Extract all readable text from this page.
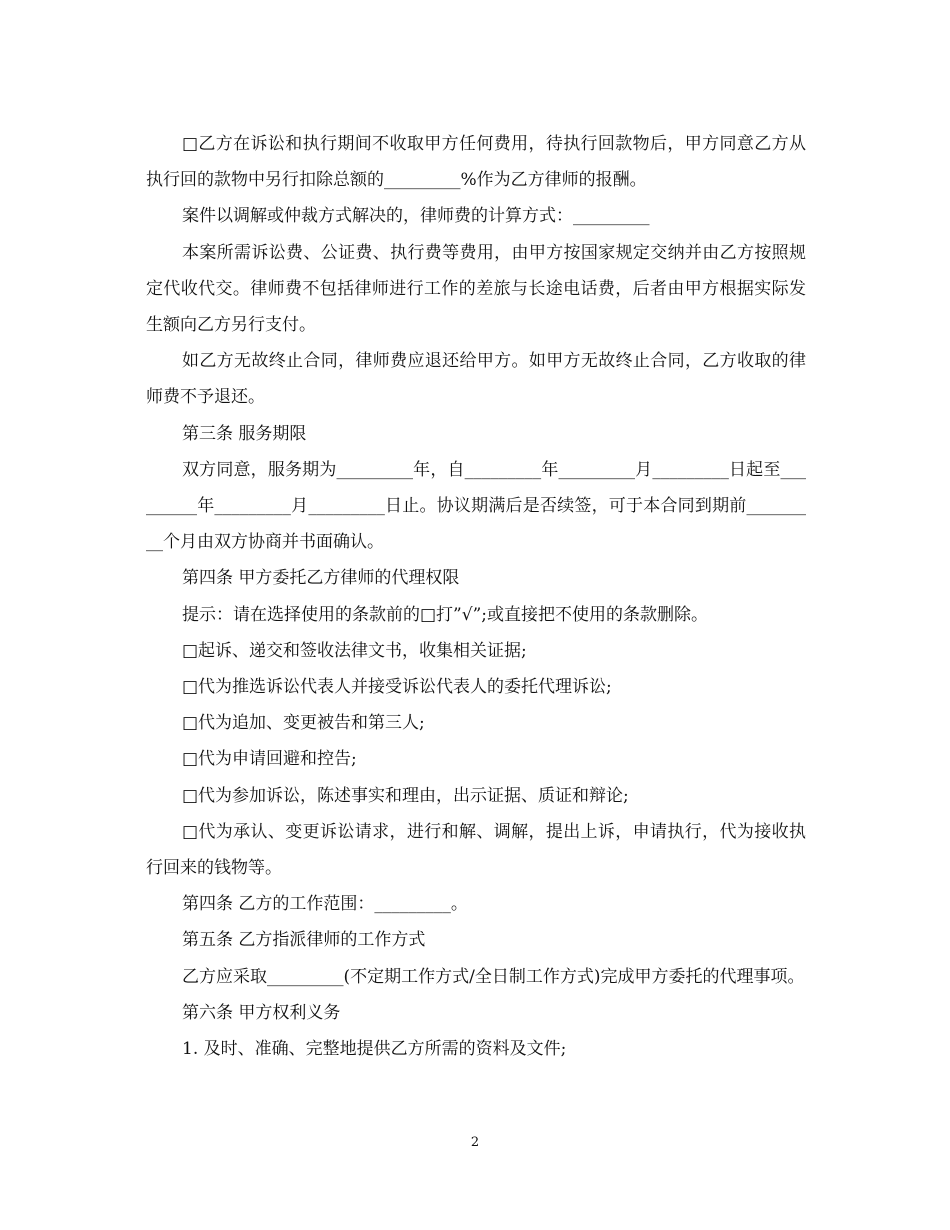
□乙方在诉讼和执行期间不收取甲方任何费用，待执行回款物后，甲方同意乙方从执行回的款物中另行扣除总额的_________%作为乙方律师的报酬。

案件以调解或仲裁方式解决的，律师费的计算方式：_________

本案所需诉讼费、公证费、执行费等费用，由甲方按国家规定交纳并由乙方按照规定代收代交。律师费不包括律师进行工作的差旅与长途电话费，后者由甲方根据实际发生额向乙方另行支付。

如乙方无故终止合同，律师费应退还给甲方。如甲方无故终止合同，乙方收取的律师费不予退还。

第三条 服务期限

双方同意，服务期为_________年，自_________年_________月_________日起至_________年_________月_________日止。协议期满后是否续签，可于本合同到期前_________个月由双方协商并书面确认。

第四条 甲方委托乙方律师的代理权限

提示：请在选择使用的条款前的□打”√”;或直接把不使用的条款删除。

□起诉、递交和签收法律文书，收集相关证据;

□代为推选诉讼代表人并接受诉讼代表人的委托代理诉讼;

□代为追加、变更被告和第三人;

□代为申请回避和控告;

□代为参加诉讼，陈述事实和理由，出示证据、质证和辩论;

□代为承认、变更诉讼请求，进行和解、调解，提出上诉，申请执行，代为接收执行回来的钱物等。

第四条 乙方的工作范围：_________。

第五条 乙方指派律师的工作方式

乙方应采取_________(不定期工作方式/全日制工作方式)完成甲方委托的代理事项。

第六条 甲方权利义务

1. 及时、准确、完整地提供乙方所需的资料及文件;

2
